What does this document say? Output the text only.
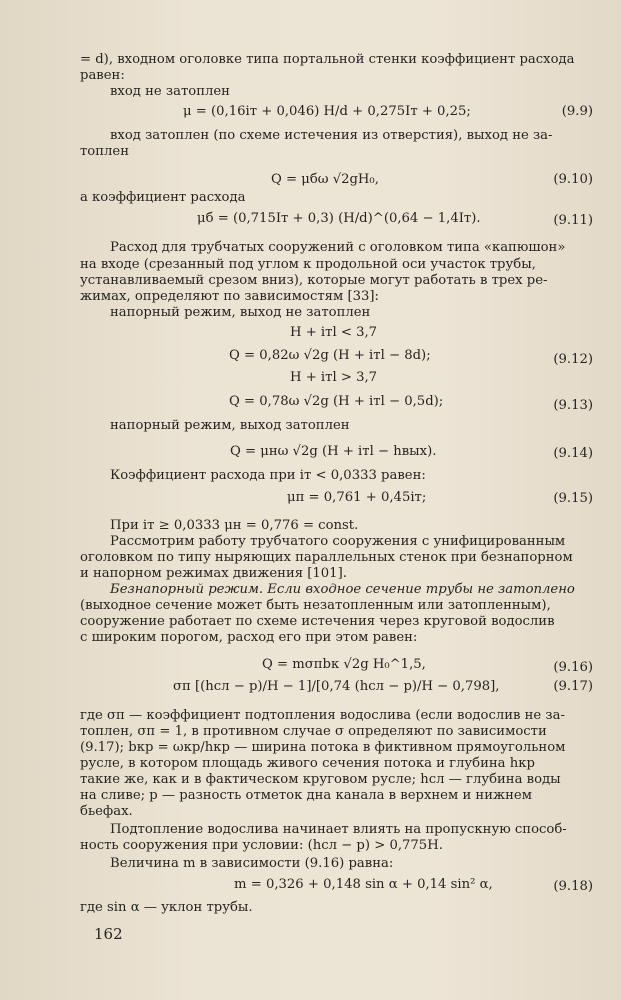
= d), входном оголовке типа портальной стенки коэффициент расхода
равен:
вход не затоплен
μ = (0,16iт + 0,046) H/d + 0,275Iт + 0,25;	(9.9)
вход затоплен (по схеме истечения из отверстия), выход не за-
топлен
Q = μбω √2gH₀,	(9.10)
а коэффициент расхода
μб = (0,715Iт + 0,3) (H/d)^(0,64 − 1,4Iт).	(9.11)
Расход для трубчатых сооружений с оголовком типа «капюшон»
на входе (срезанный под углом к продольной оси участок трубы,
устанавливаемый срезом вниз), которые могут работать в трех ре-
жимах, определяют по зависимостям [33]:
напорный режим, выход не затоплен
H + iтl < 3,7
Q = 0,82ω √2g (H + iтl − 8d);	(9.12)
H + iтl > 3,7
Q = 0,78ω √2g (H + iтl − 0,5d);	(9.13)
напорный режим, выход затоплен
Q = μнω √2g (H + iтl − hвых).	(9.14)
Коэффициент расхода при iт < 0,0333 равен:
μп = 0,761 + 0,45iт;	(9.15)
При iт ≥ 0,0333 μн = 0,776 = const.
Рассмотрим работу трубчатого сооружения с унифицированным
оголовком по типу ныряющих параллельных стенок при безнапорном
и напорном режимах движения [101].
Безнапорный режим. Если входное сечение трубы не затоплено
(выходное сечение может быть незатопленным или затопленным),
сооружение работает по схеме истечения через круговой водослив
с широким порогом, расход его при этом равен:
Q = mσпbк √2g H₀^1,5,	(9.16)
σп [(hсл − p)/H − 1]/[0,74 (hсл − p)/H − 0,798],	(9.17)
где σп — коэффициент подтопления водослива (если водослив не за-
топлен, σп = 1, в противном случае σ определяют по зависимости
(9.17); bкр = ωкр/hкр — ширина потока в фиктивном прямоугольном
русле, в котором площадь живого сечения потока и глубина hкр
такие же, как и в фактическом круговом русле; hсл — глубина воды
на сливе; p — разность отметок дна канала в верхнем и нижнем
бьефах.
Подтопление водослива начинает влиять на пропускную способ-
ность сооружения при условии: (hсл − p) > 0,775H.
Величина m в зависимости (9.16) равна:
m = 0,326 + 0,148 sin α + 0,14 sin² α,	(9.18)
где sin α — уклон трубы.
162
